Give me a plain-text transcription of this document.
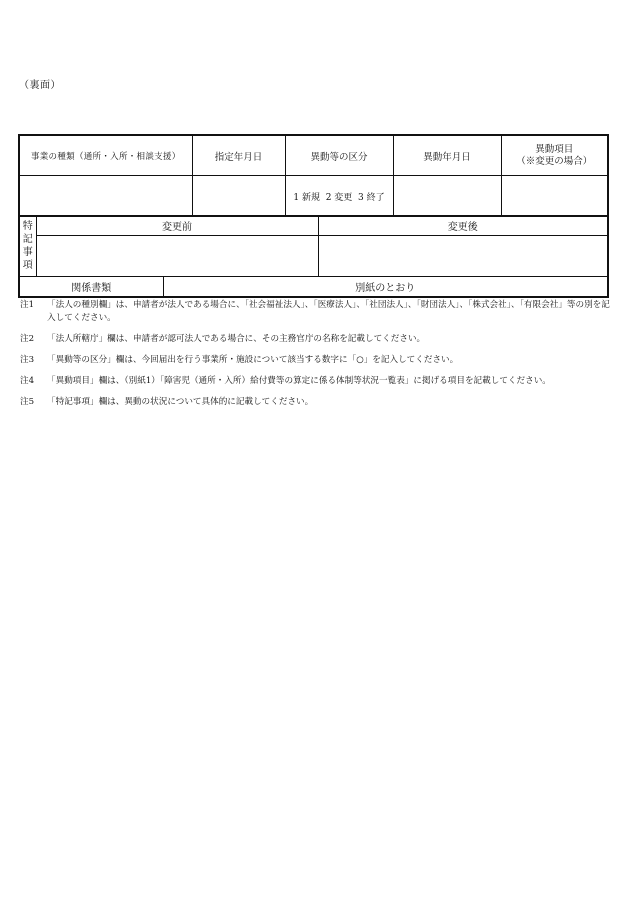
（裏面）
事業の種類（通所・入所・相談支援）	指定年月日	異動等の区分	異動年月日	異動項目
（※変更の場合）

		1 新規  2 変更  3 終了		
特
記
事
項	変更前		変更後

関係書類		別紙のとおり	
注1 「法人の種別欄」は、申請者が法人である場合に、「社会福祉法人」、「医療法人」、「社団法人」、「財団法人」、「株式会社」、「有限会社」等の別を記入してください。
注2 「法人所轄庁」欄は、申請者が認可法人である場合に、その主務官庁の名称を記載してください。
注3 「異動等の区分」欄は、今回届出を行う事業所・施設について該当する数字に「○」を記入してください。
注4 「異動項目」欄は、（別紙1）「障害児（通所・入所）給付費等の算定に係る体制等状況一覧表」に掲げる項目を記載してください。
注5 「特記事項」欄は、異動の状況について具体的に記載してください。
